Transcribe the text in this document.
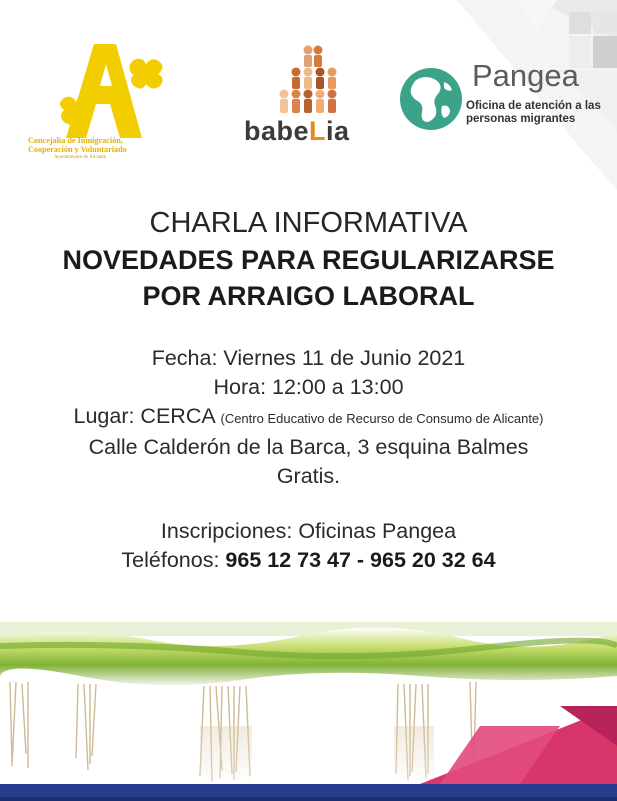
Concejalía de Inmigración,
Cooperación y Voluntariado
Ayuntamiento de Alicante
babeLia
Pangea
Oficina de atención a las
personas migrantes
CHARLA INFORMATIVA
NOVEDADES PARA REGULARIZARSE
POR ARRAIGO LABORAL
Fecha: Viernes 11 de Junio 2021
Hora: 12:00 a 13:00
Lugar: CERCA (Centro Educativo de Recurso de Consumo de Alicante)
Calle Calderón de la Barca, 3 esquina Balmes
Gratis.
Inscripciones: Oficinas Pangea
Teléfonos: 965 12 73 47 - 965 20 32 64
